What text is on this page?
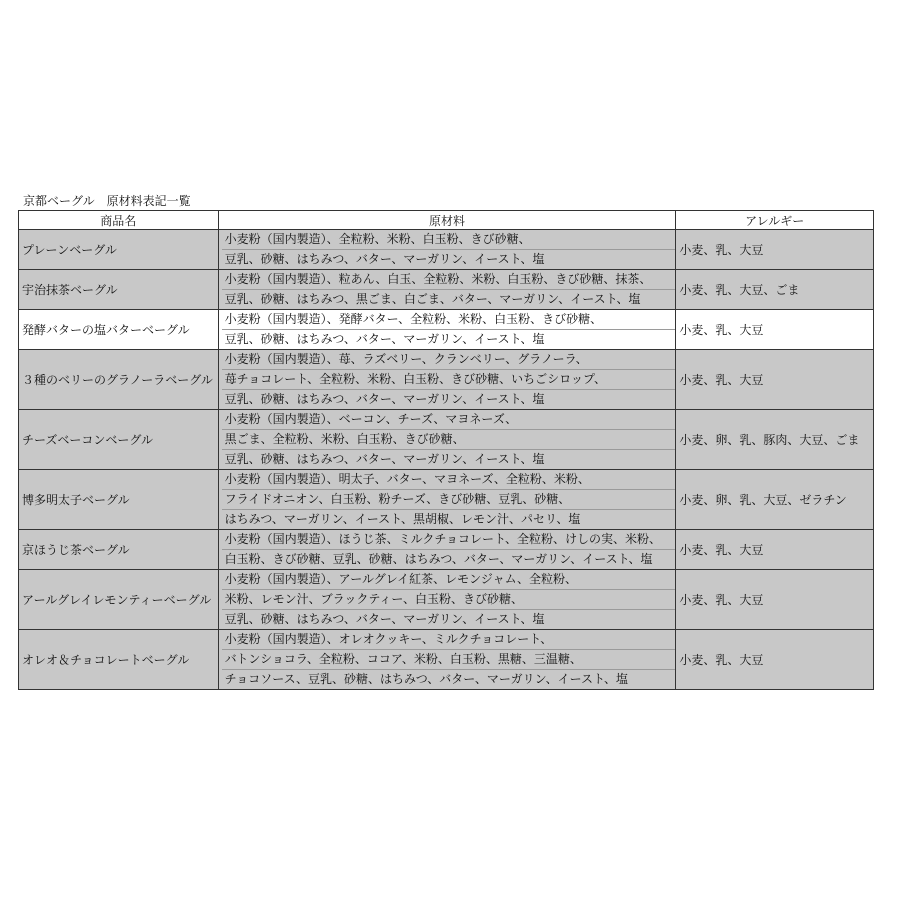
京都ベーグル　原材料表記一覧
商品名	原材料	アレルギー
プレーンベーグル	小麦粉（国内製造）、全粒粉、米粉、白玉粉、きび砂糖、
豆乳、砂糖、はちみつ、バター、マーガリン、イースト、塩	小麦、乳、大豆
宇治抹茶ベーグル	小麦粉（国内製造）、粒あん、白玉、全粒粉、米粉、白玉粉、きび砂糖、抹茶、
豆乳、砂糖、はちみつ、黒ごま、白ごま、バター、マーガリン、イースト、塩	小麦、乳、大豆、ごま
発酵バターの塩バターベーグル	小麦粉（国内製造）、発酵バター、全粒粉、米粉、白玉粉、きび砂糖、
豆乳、砂糖、はちみつ、バター、マーガリン、イースト、塩	小麦、乳、大豆
３種のベリーのグラノーラベーグル	小麦粉（国内製造）、苺、ラズベリー、クランベリー、グラノーラ、
苺チョコレート、全粒粉、米粉、白玉粉、きび砂糖、いちごシロップ、
豆乳、砂糖、はちみつ、バター、マーガリン、イースト、塩	小麦、乳、大豆
チーズベーコンベーグル	小麦粉（国内製造）、ベーコン、チーズ、マヨネーズ、
黒ごま、全粒粉、米粉、白玉粉、きび砂糖、
豆乳、砂糖、はちみつ、バター、マーガリン、イースト、塩	小麦、卵、乳、豚肉、大豆、ごま
博多明太子ベーグル	小麦粉（国内製造）、明太子、バター、マヨネーズ、全粒粉、米粉、
フライドオニオン、白玉粉、粉チーズ、きび砂糖、豆乳、砂糖、
はちみつ、マーガリン、イースト、黒胡椒、レモン汁、パセリ、塩	小麦、卵、乳、大豆、ゼラチン
京ほうじ茶ベーグル	小麦粉（国内製造）、ほうじ茶、ミルクチョコレート、全粒粉、けしの実、米粉、
白玉粉、きび砂糖、豆乳、砂糖、はちみつ、バター、マーガリン、イースト、塩	小麦、乳、大豆
アールグレイレモンティーベーグル	小麦粉（国内製造）、アールグレイ紅茶、レモンジャム、全粒粉、
米粉、レモン汁、ブラックティー、白玉粉、きび砂糖、
豆乳、砂糖、はちみつ、バター、マーガリン、イースト、塩	小麦、乳、大豆
オレオ＆チョコレートベーグル	小麦粉（国内製造）、オレオクッキー、ミルクチョコレート、
バトンショコラ、全粒粉、ココア、米粉、白玉粉、黒糖、三温糖、
チョコソース、豆乳、砂糖、はちみつ、バター、マーガリン、イースト、塩	小麦、乳、大豆
